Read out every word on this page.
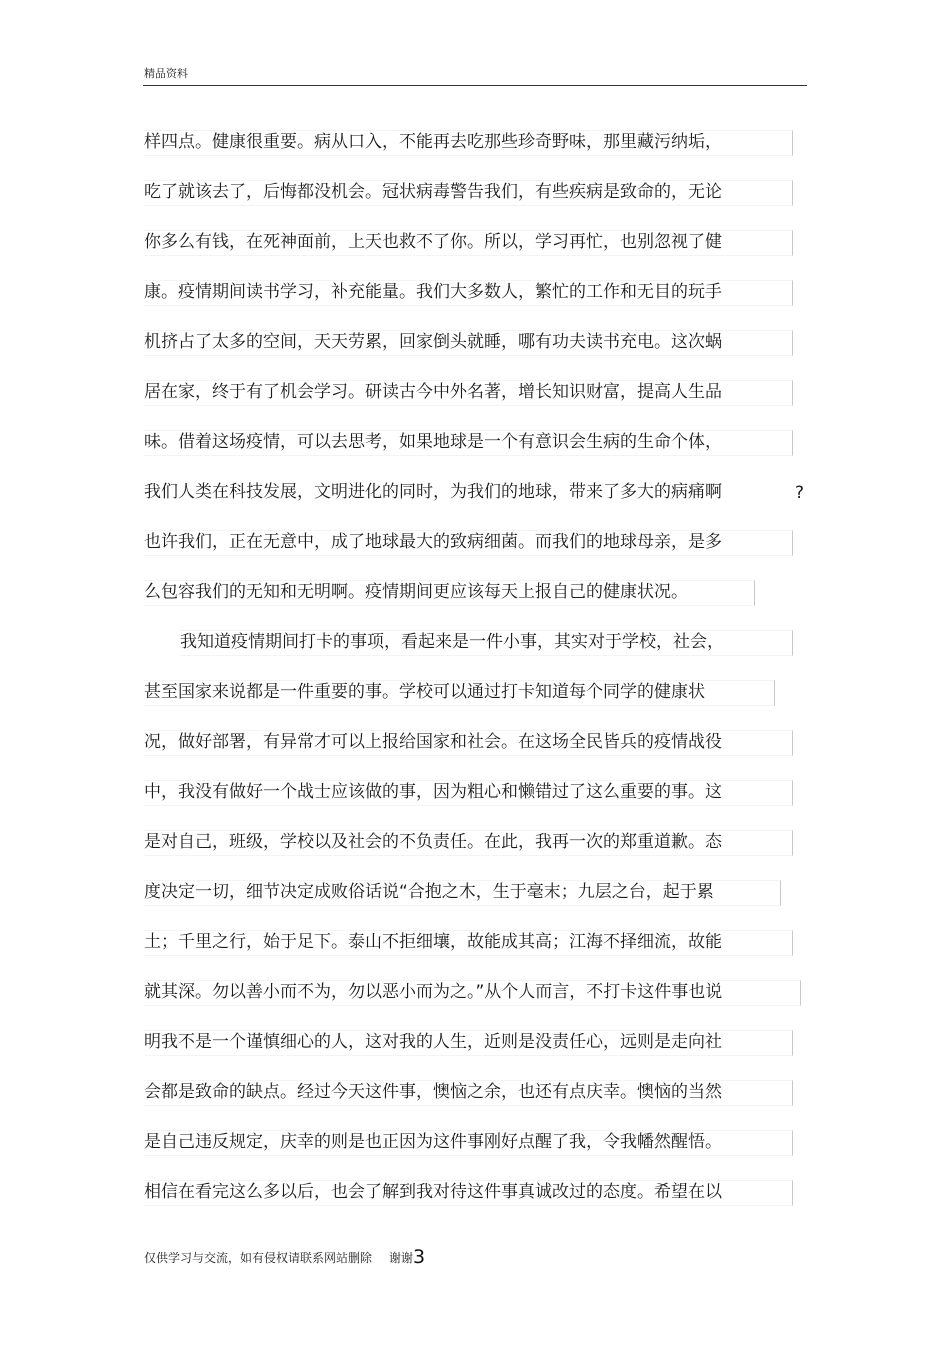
精品资料
样四点。健康很重要。病从口入，不能再去吃那些珍奇野味，那里藏污纳垢，
吃了就该去了，后悔都没机会。冠状病毒警告我们，有些疾病是致命的，无论
你多么有钱，在死神面前，上天也救不了你。所以，学习再忙，也别忽视了健
康。疫情期间读书学习，补充能量。我们大多数人，繁忙的工作和无目的玩手
机挤占了太多的空间，天天劳累，回家倒头就睡，哪有功夫读书充电。这次蜗
居在家，终于有了机会学习。研读古今中外名著，增长知识财富，提高人生品
味。借着这场疫情，可以去思考，如果地球是一个有意识会生病的生命个体，
我们人类在科技发展，文明进化的同时，为我们的地球，带来了多大的病痛啊	?
也许我们，正在无意中，成了地球最大的致病细菌。而我们的地球母亲，是多
么包容我们的无知和无明啊。疫情期间更应该每天上报自己的健康状况。
我知道疫情期间打卡的事项，看起来是一件小事，其实对于学校，社会，
甚至国家来说都是一件重要的事。学校可以通过打卡知道每个同学的健康状
况，做好部署，有异常才可以上报给国家和社会。在这场全民皆兵的疫情战役
中，我没有做好一个战士应该做的事，因为粗心和懒错过了这么重要的事。这
是对自己，班级，学校以及社会的不负责任。在此，我再一次的郑重道歉。态
度决定一切，细节决定成败俗话说“合抱之木，生于毫末；九层之台，起于累
土；千里之行，始于足下。泰山不拒细壤，故能成其高；江海不择细流，故能
就其深。勿以善小而不为，勿以恶小而为之。”从个人而言，不打卡这件事也说
明我不是一个谨慎细心的人，这对我的人生，近则是没责任心，远则是走向社
会都是致命的缺点。经过今天这件事，懊恼之余，也还有点庆幸。懊恼的当然
是自己违反规定，庆幸的则是也正因为这件事刚好点醒了我，令我幡然醒悟。
相信在看完这么多以后，也会了解到我对待这件事真诚改过的态度。希望在以
仅供学习与交流，如有侵权请联系网站删除 谢谢 3
